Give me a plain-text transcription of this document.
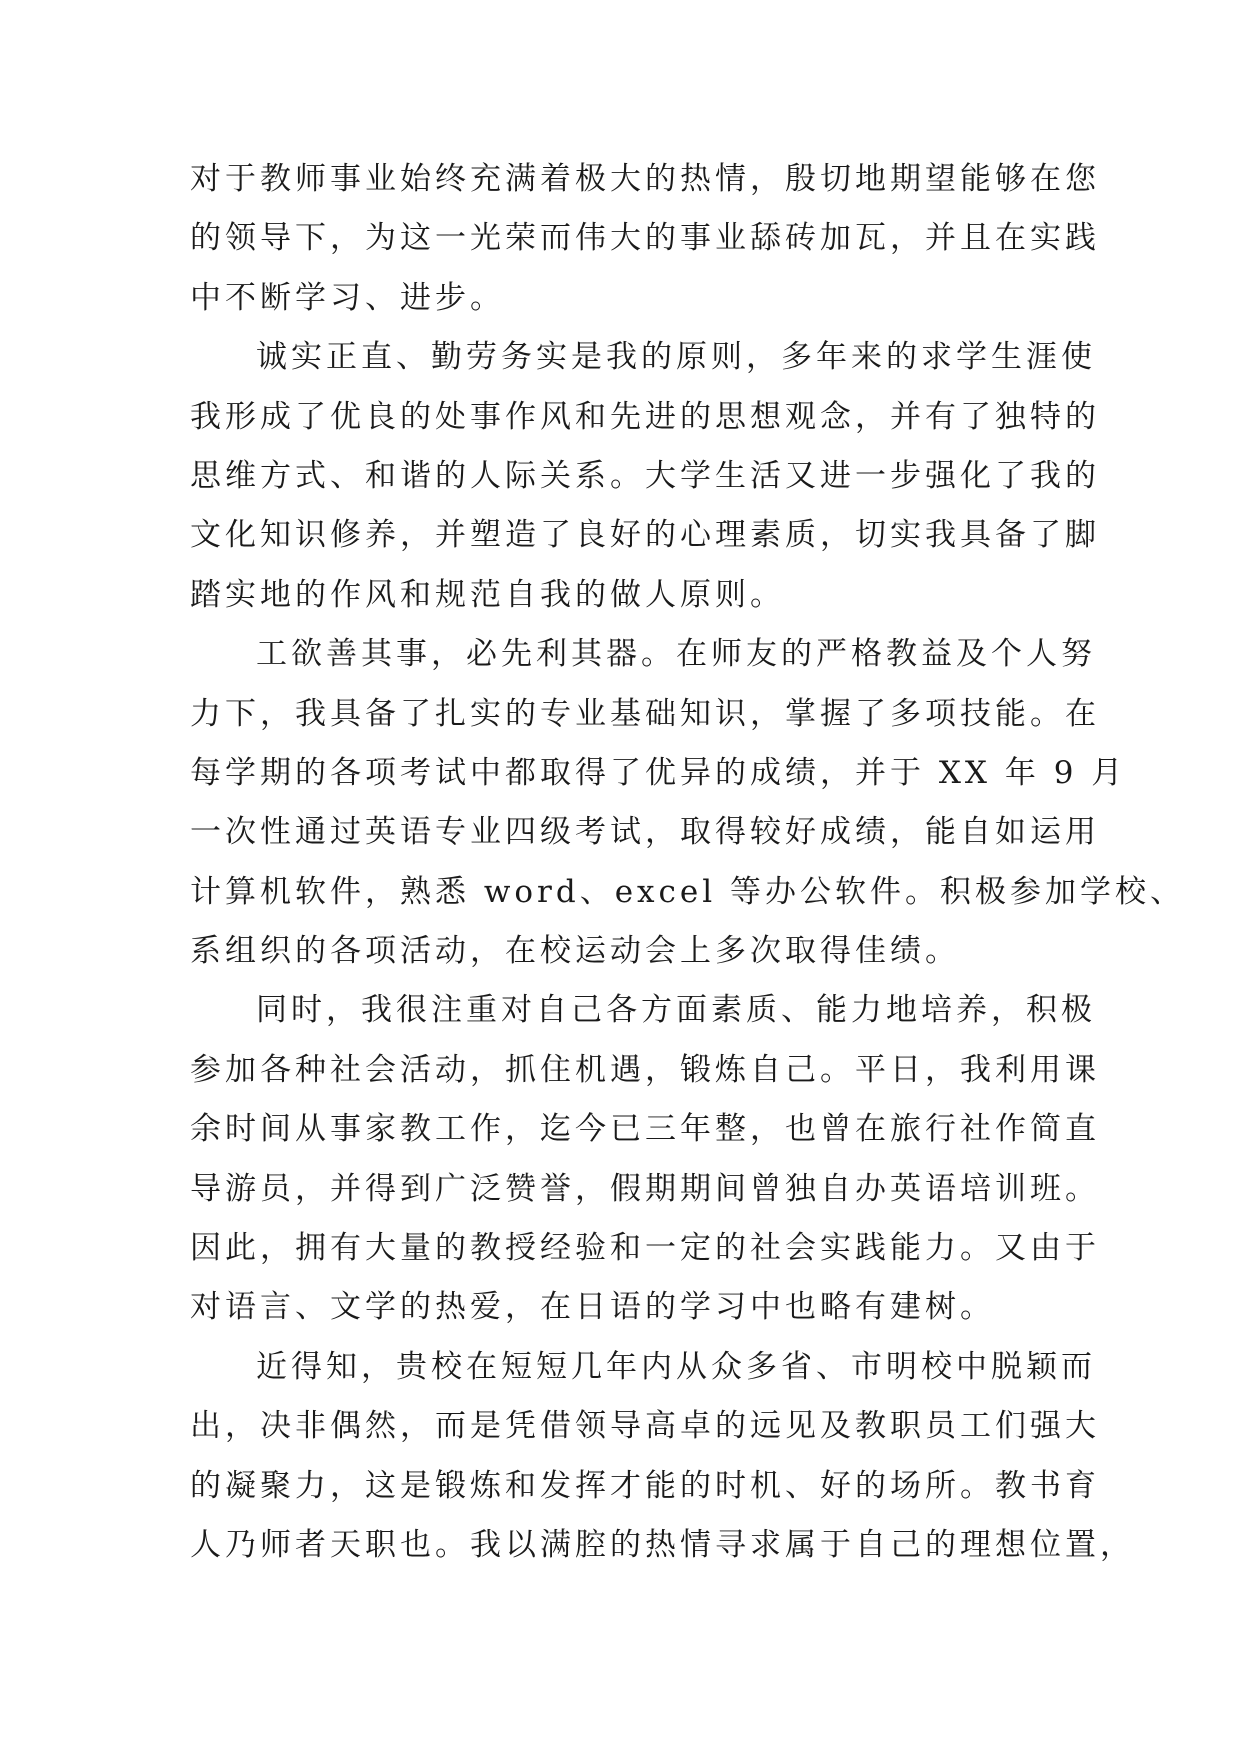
对于教师事业始终充满着极大的热情，殷切地期望能够在您
的领导下，为这一光荣而伟大的事业舔砖加瓦，并且在实践
中不断学习、进步。
诚实正直、勤劳务实是我的原则，多年来的求学生涯使
我形成了优良的处事作风和先进的思想观念，并有了独特的
思维方式、和谐的人际关系。大学生活又进一步强化了我的
文化知识修养，并塑造了良好的心理素质，切实我具备了脚
踏实地的作风和规范自我的做人原则。
工欲善其事，必先利其器。在师友的严格教益及个人努
力下，我具备了扎实的专业基础知识，掌握了多项技能。在
每学期的各项考试中都取得了优异的成绩，并于 XX 年 9 月
一次性通过英语专业四级考试，取得较好成绩，能自如运用
计算机软件，熟悉 word、excel 等办公软件。积极参加学校、
系组织的各项活动，在校运动会上多次取得佳绩。
同时，我很注重对自己各方面素质、能力地培养，积极
参加各种社会活动，抓住机遇，锻炼自己。平日，我利用课
余时间从事家教工作，迄今已三年整，也曾在旅行社作简直
导游员，并得到广泛赞誉，假期期间曾独自办英语培训班。
因此，拥有大量的教授经验和一定的社会实践能力。又由于
对语言、文学的热爱，在日语的学习中也略有建树。
近得知，贵校在短短几年内从众多省、市明校中脱颖而
出，决非偶然，而是凭借领导高卓的远见及教职员工们强大
的凝聚力，这是锻炼和发挥才能的时机、好的场所。教书育
人乃师者天职也。我以满腔的热情寻求属于自己的理想位置，
